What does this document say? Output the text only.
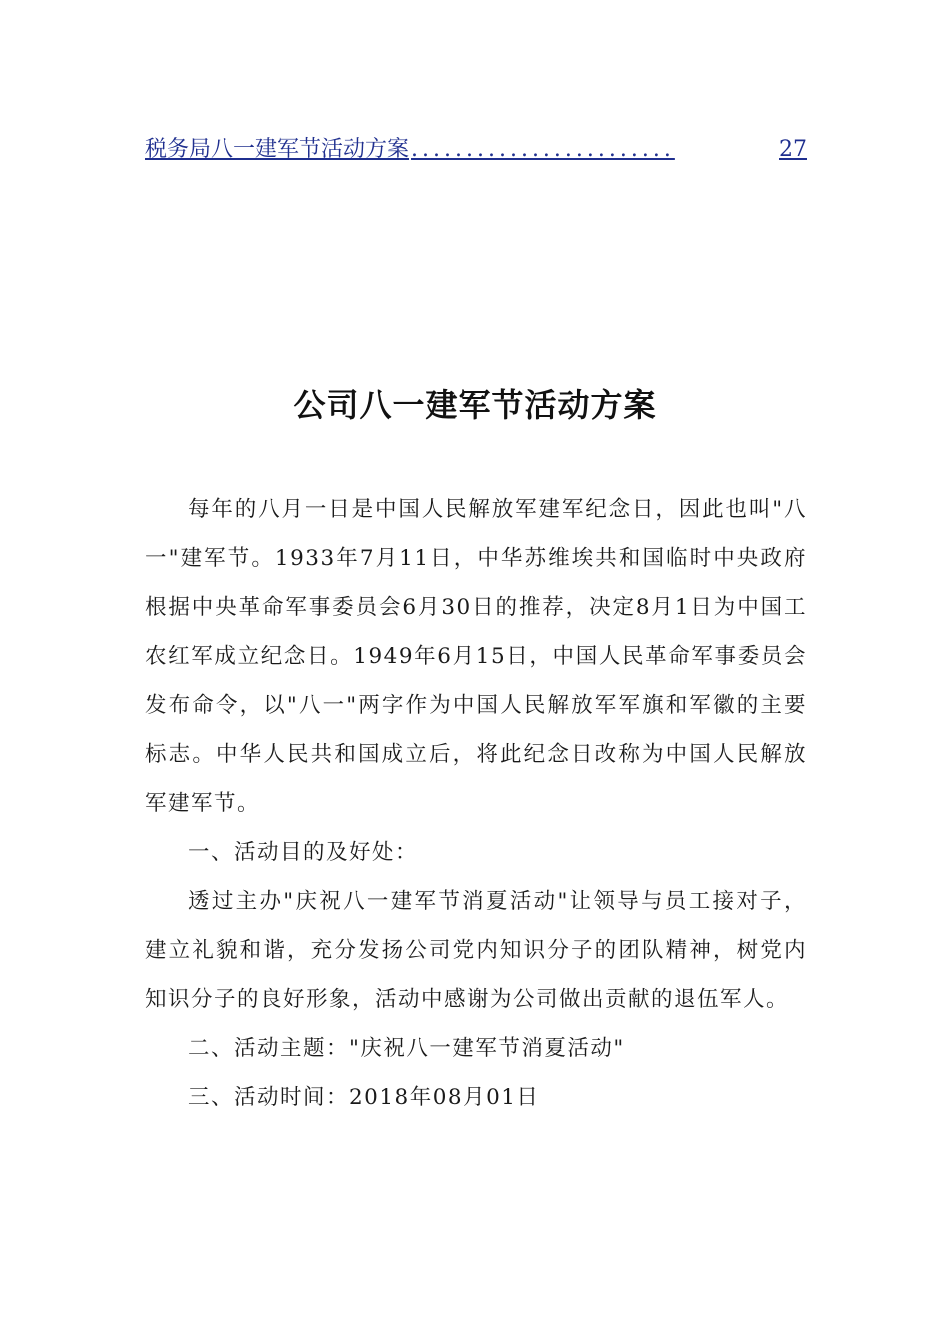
税务局八一建军节活动方案 ........................	27
公司八一建军节活动方案

每年的八月一日是中国人民解放军建军纪念日，因此也叫"八一"建军节。1933年7月11日，中华苏维埃共和国临时中央政府根据中央革命军事委员会6月30日的推荐，决定8月1日为中国工农红军成立纪念日。1949年6月15日，中国人民革命军事委员会发布命令，以"八一"两字作为中国人民解放军军旗和军徽的主要标志。中华人民共和国成立后，将此纪念日改称为中国人民解放军建军节。

一、活动目的及好处：

透过主办"庆祝八一建军节消夏活动"让领导与员工接对子，建立礼貌和谐，充分发扬公司党内知识分子的团队精神，树党内知识分子的良好形象，活动中感谢为公司做出贡献的退伍军人。

二、活动主题："庆祝八一建军节消夏活动"

三、活动时间：2018年08月01日
